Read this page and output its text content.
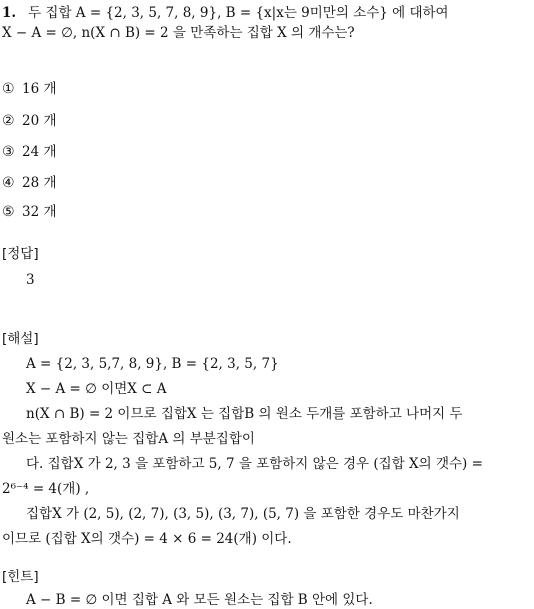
1. 두 집합 A = {2, 3, 5, 7, 8, 9}, B = {x|x는 9미만의 소수} 에 대하여
X − A = ∅, n(X ∩ B) = 2 을 만족하는 집합 X 의 개수는?
① 16 개
② 20 개
③ 24 개
④ 28 개
⑤ 32 개
[정답]
3
[해설]
A = {2, 3, 5,7, 8, 9}, B = {2, 3, 5, 7}
X − A = ∅ 이면X ⊂ A
n(X ∩ B) = 2 이므로 집합X 는 집합B 의 원소 두개를 포함하고 나머지 두
원소는 포함하지 않는 집합A 의 부분집합이
다. 집합X 가 2, 3 을 포함하고 5, 7 을 포함하지 않은 경우 (집합 X의 갯수) =
2⁶⁻⁴ = 4(개) ,
집합X 가 (2, 5), (2, 7), (3, 5), (3, 7), (5, 7) 을 포함한 경우도 마찬가지
이므로 (집합 X의 갯수) = 4 × 6 = 24(개) 이다.
[힌트]
A − B = ∅ 이면 집합 A 와 모든 원소는 집합 B 안에 있다.
